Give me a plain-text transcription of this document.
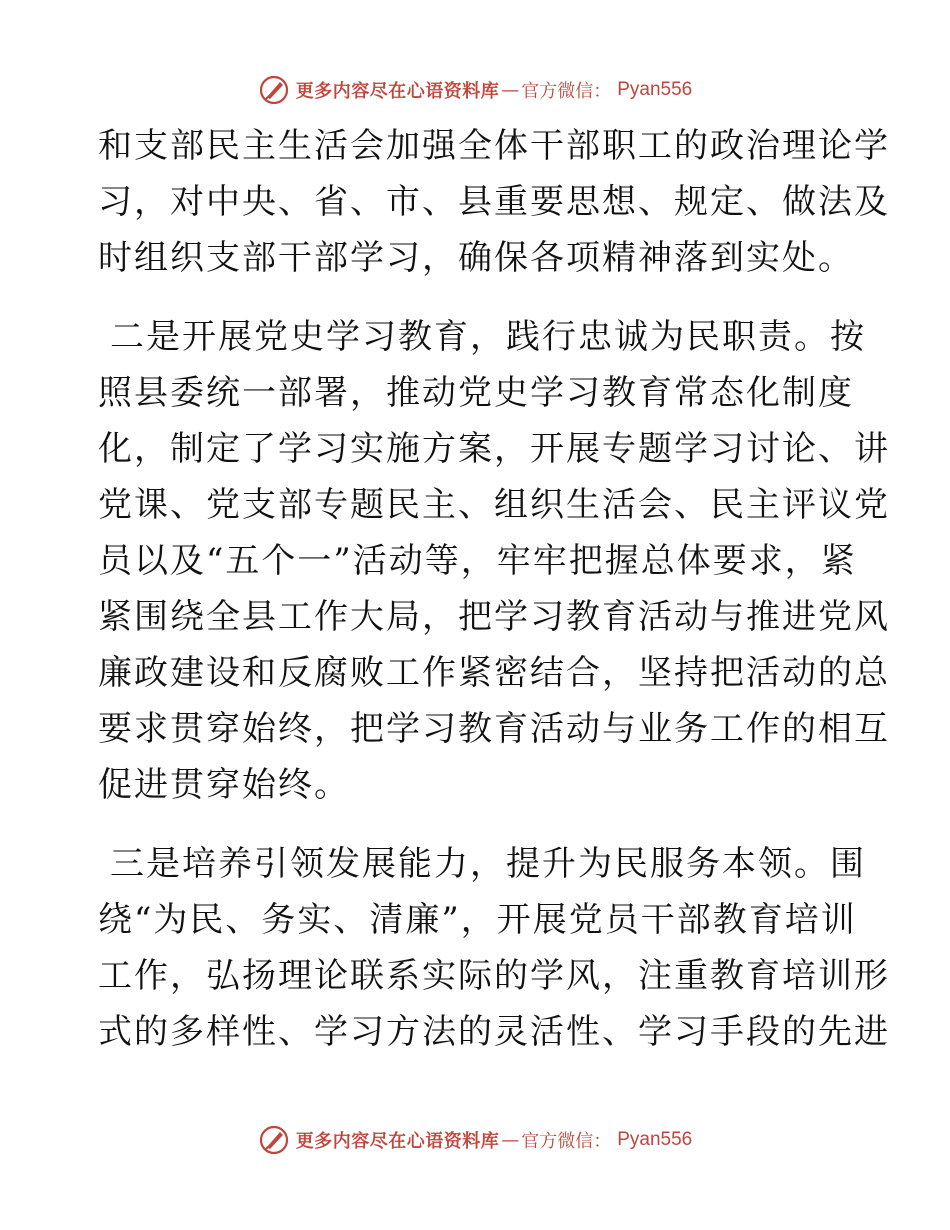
更多内容尽在心语资料库 — 官方微信 ： Pyan556
和支部民主生活会加强全体干部职工的政治理论学
习，对中央、省、市、县重要思想、规定、做法及
时组织支部干部学习，确保各项精神落到实处。
二是开展党史学习教育，践行忠诚为民职责。按
照县委统一部署，推动党史学习教育常态化制度
化，制定了学习实施方案，开展专题学习讨论、讲
党课、党支部专题民主、组织生活会、民主评议党
员以及“五个一”活动等，牢牢把握总体要求，紧
紧围绕全县工作大局，把学习教育活动与推进党风
廉政建设和反腐败工作紧密结合，坚持把活动的总
要求贯穿始终，把学习教育活动与业务工作的相互
促进贯穿始终。
三是培养引领发展能力，提升为民服务本领。围
绕“为民、务实、清廉”，开展党员干部教育培训
工作，弘扬理论联系实际的学风，注重教育培训形
式的多样性、学习方法的灵活性、学习手段的先进
更多内容尽在心语资料库 — 官方微信 ： Pyan556
